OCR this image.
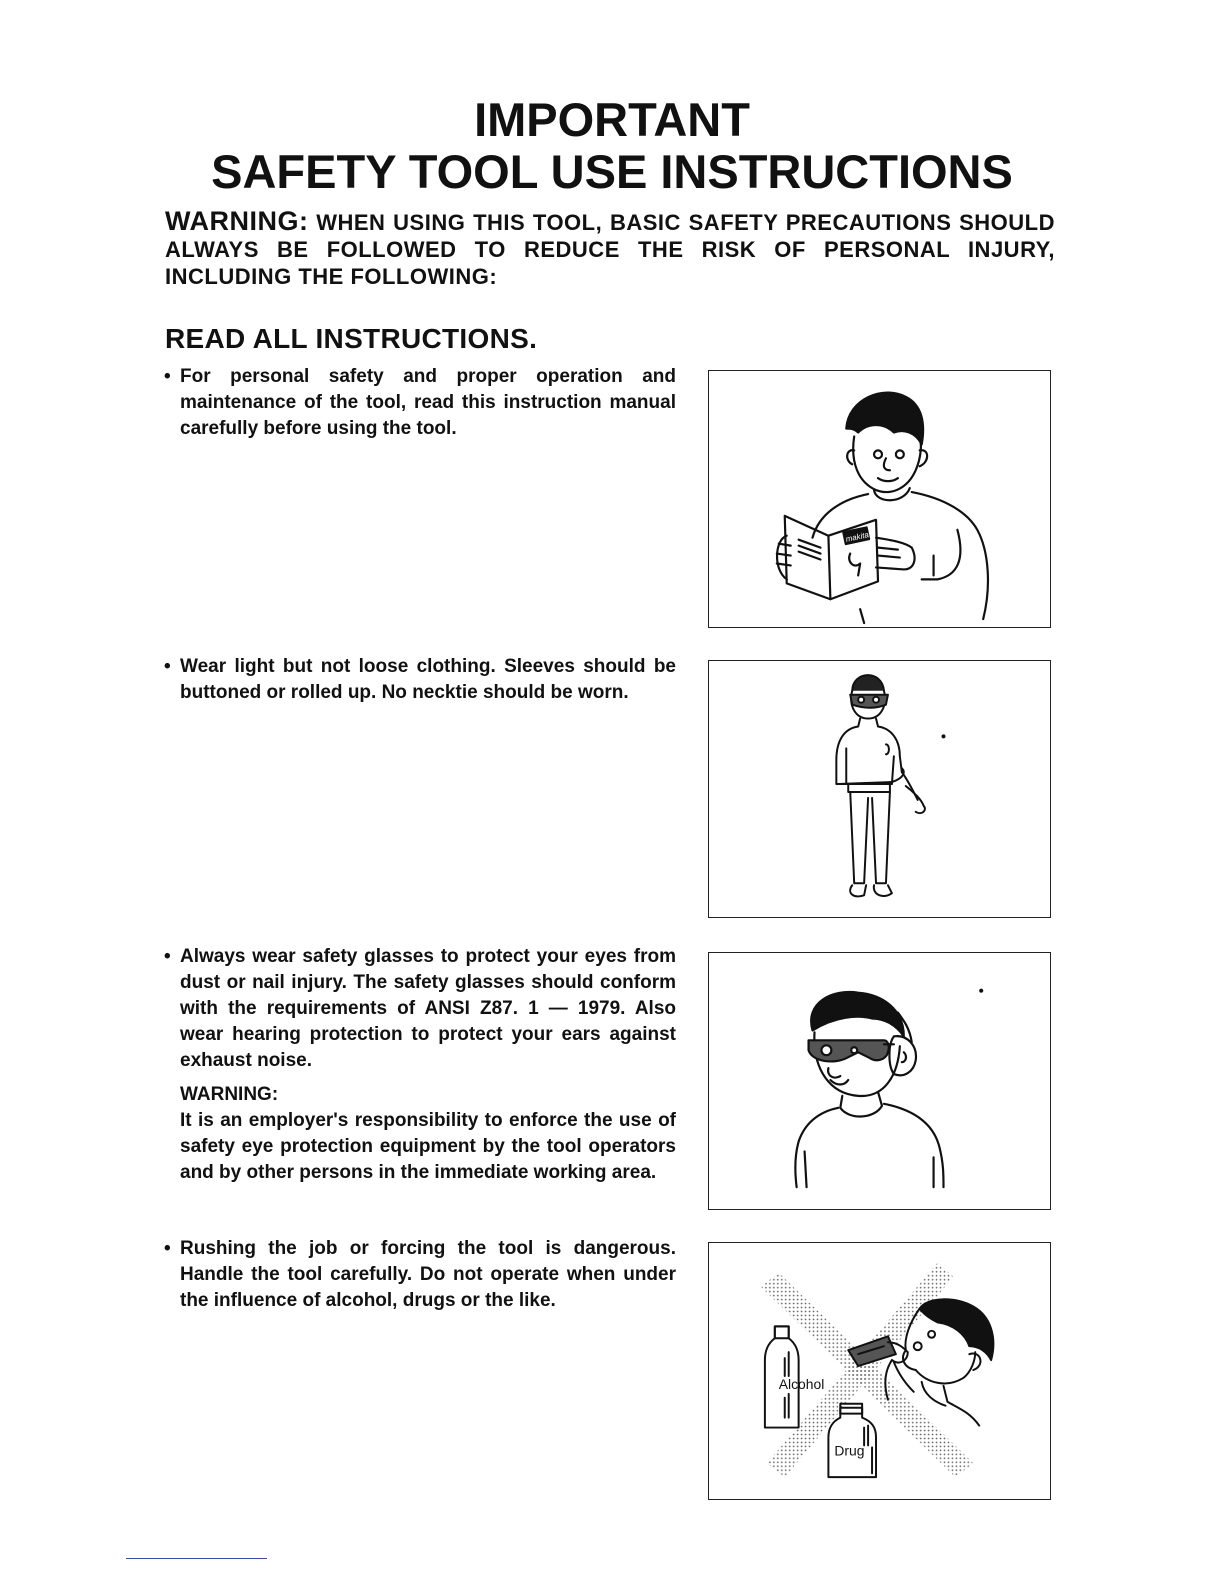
IMPORTANT
SAFETY TOOL USE INSTRUCTIONS
WARNING: WHEN USING THIS TOOL, BASIC SAFETY PRECAUTIONS SHOULD ALWAYS BE FOLLOWED TO REDUCE THE RISK OF PERSONAL INJURY, INCLUDING THE FOLLOWING:
READ ALL INSTRUCTIONS.
• For personal safety and proper operation and maintenance of the tool, read this instruction manual carefully before using the tool.

• Wear light but not loose clothing. Sleeves should be buttoned or rolled up. No necktie should be worn.

• Always wear safety glasses to protect your eyes from dust or nail injury. The safety glasses should conform with the requirements of ANSI Z87. 1 — 1979. Also wear hearing protection to protect your ears against exhaust noise.

WARNING:

It is an employer's responsibility to enforce the use of safety eye protection equipment by the tool operators and by other persons in the immediate working area.

• Rushing the job or forcing the tool is dangerous. Handle the tool carefully. Do not operate when under the influence of alcohol, drugs or the like.

makita
Alcohol
Drug
